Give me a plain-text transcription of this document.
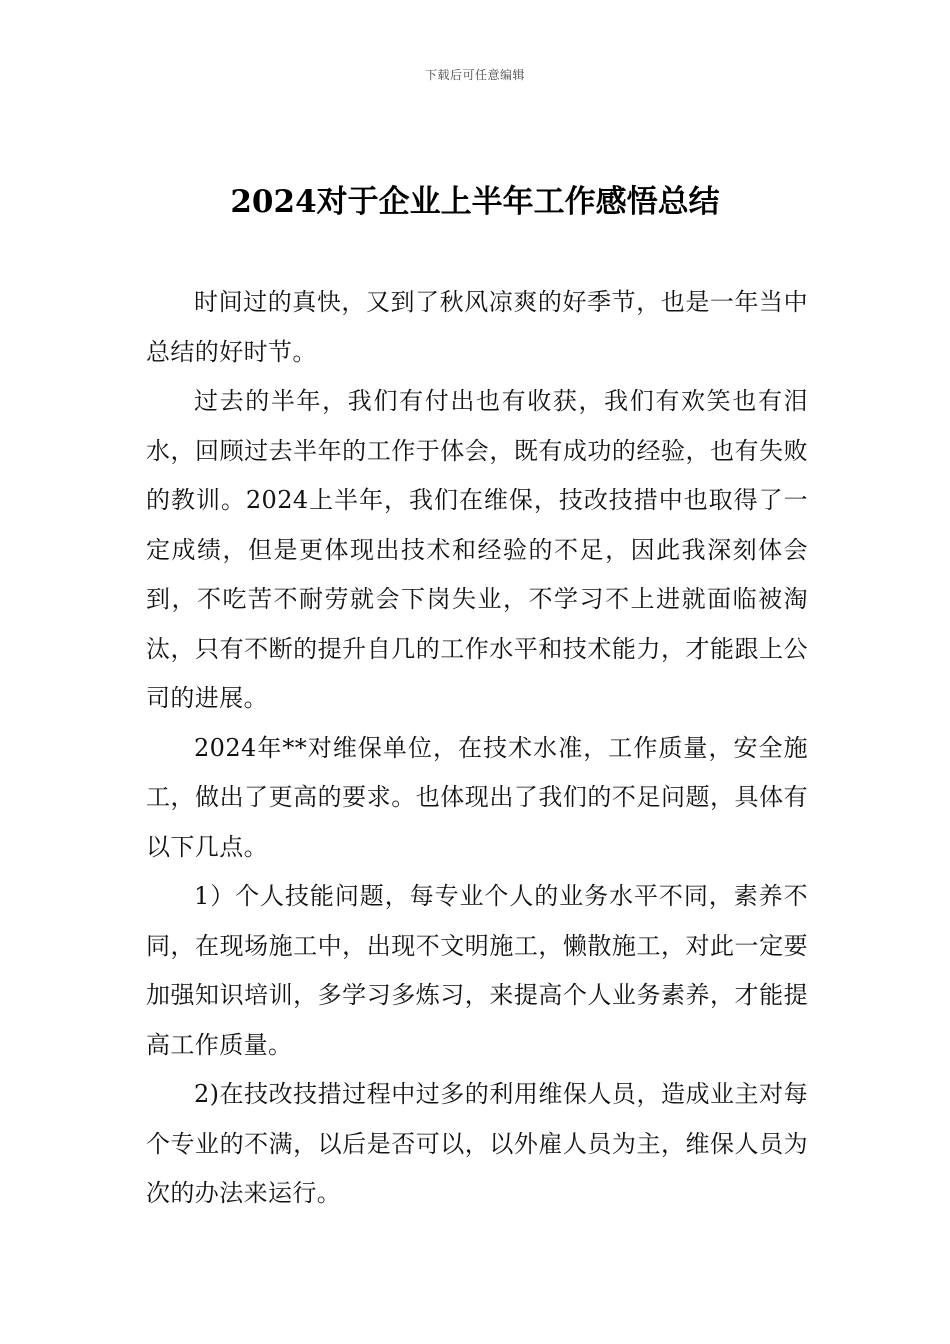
下载后可任意编辑
2024对于企业上半年工作感悟总结

时间过的真快，又到了秋风凉爽的好季节，也是一年当中总结的好时节。

过去的半年，我们有付出也有收获，我们有欢笑也有泪水，回顾过去半年的工作于体会，既有成功的经验，也有失败的教训。2024上半年，我们在维保，技改技措中也取得了一定成绩，但是更体现出技术和经验的不足，因此我深刻体会到，不吃苦不耐劳就会下岗失业，不学习不上进就面临被淘汰，只有不断的提升自几的工作水平和技术能力，才能跟上公司的进展。

2024年**对维保单位，在技术水准，工作质量，安全施工，做出了更高的要求。也体现出了我们的不足问题，具体有以下几点。

1）个人技能问题，每专业个人的业务水平不同，素养不同，在现场施工中，出现不文明施工，懒散施工，对此一定要加强知识培训，多学习多炼习，来提高个人业务素养，才能提高工作质量。

2)在技改技措过程中过多的利用维保人员，造成业主对每个专业的不满，以后是否可以，以外雇人员为主，维保人员为次的办法来运行。
